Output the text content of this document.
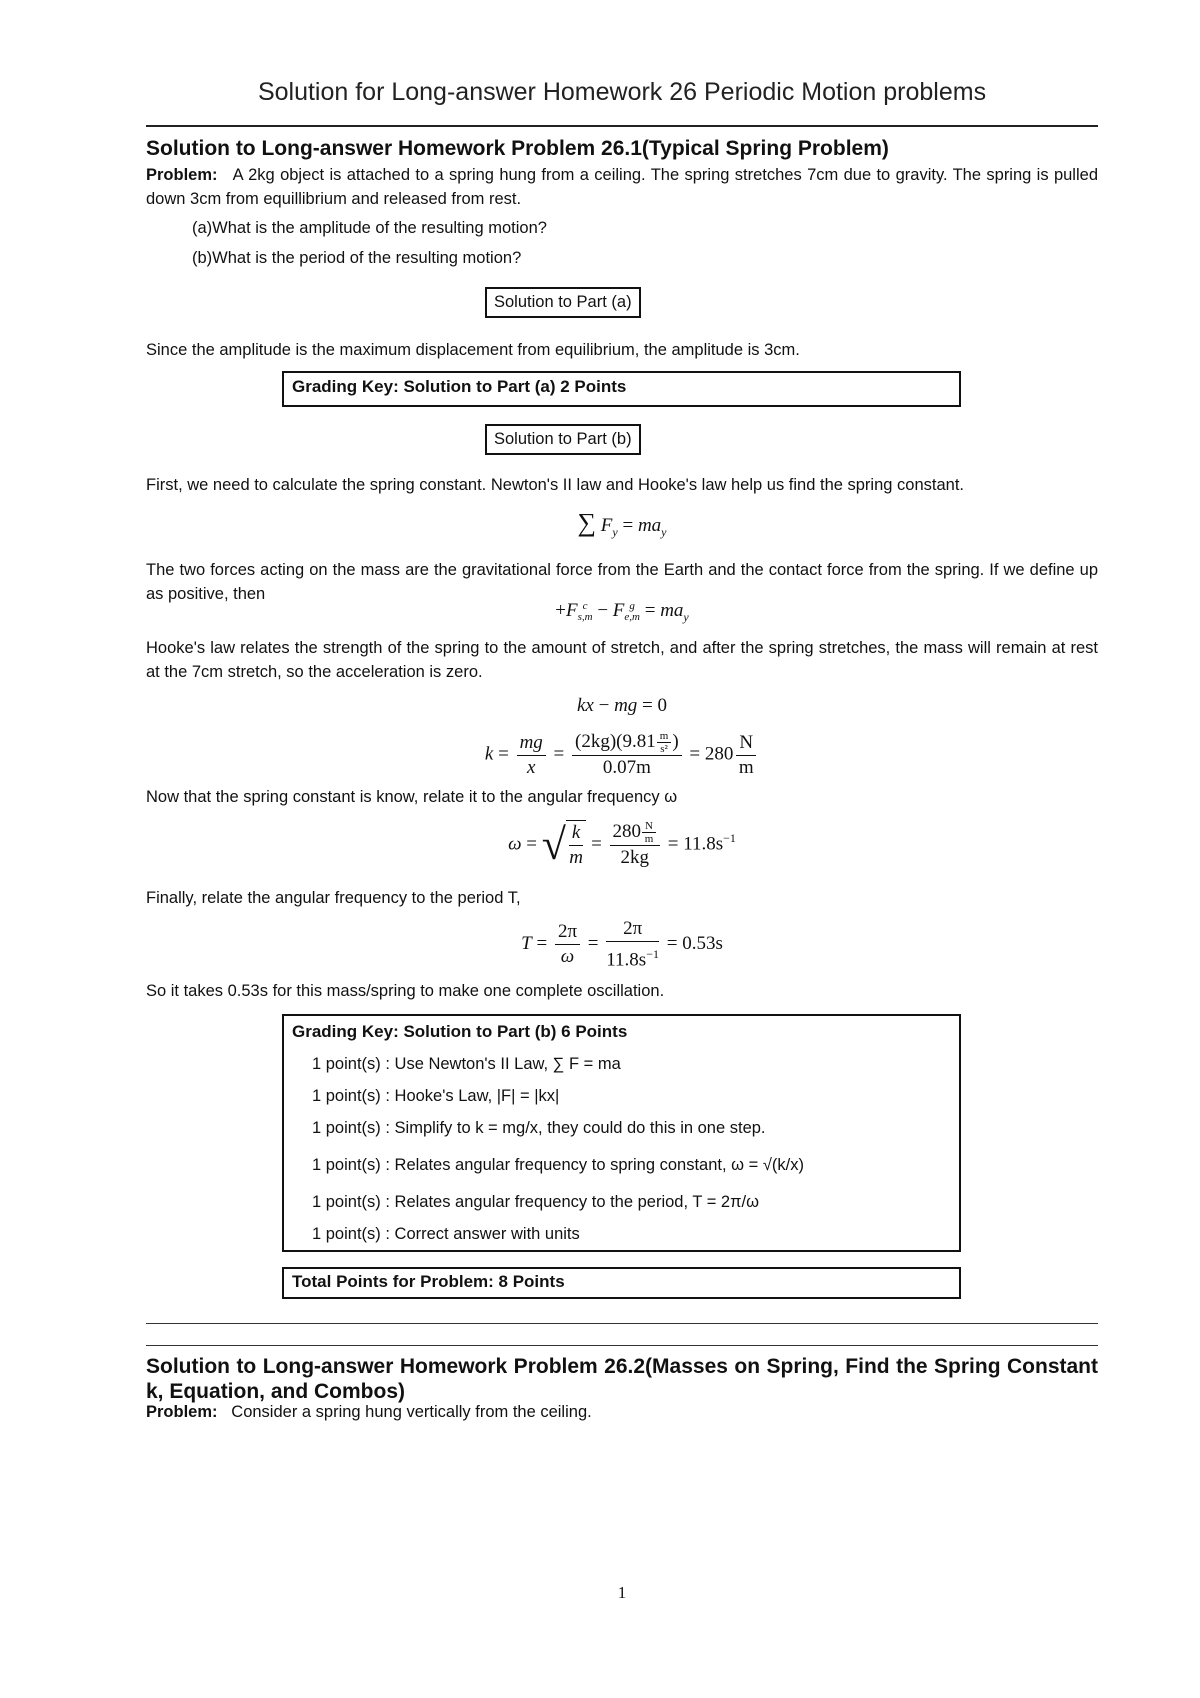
Solution for Long-answer Homework 26 Periodic Motion problems
Solution to Long-answer Homework Problem 26.1(Typical Spring Problem)
Problem: A 2kg object is attached to a spring hung from a ceiling. The spring stretches 7cm due to gravity. The spring is pulled down 3cm from equillibrium and released from rest.
(a)What is the amplitude of the resulting motion?
(b)What is the period of the resulting motion?
Solution to Part (a)
Since the amplitude is the maximum displacement from equilibrium, the amplitude is 3cm.
Grading Key: Solution to Part (a) 2 Points
Solution to Part (b)
First, we need to calculate the spring constant. Newton's II law and Hooke's law help us find the spring constant.
∑ $F_y = ma_y$
The two forces acting on the mass are the gravitational force from the Earth and the contact force from the spring. If we define up as positive, then
+F c
s,m − F g
$e,m = ma_y$
Hooke's law relates the strength of the spring to the amount of stretch, and after the spring stretches, the mass will remain at rest at the 7cm stretch, so the acceleration is zero.
kx − mg = 0
$k = \frac{mg}{x} = \frac{(2kg)(9.81 \frac{m}{\text{s²}} )}{0.07m} = 280 \frac{N}{m}$
Now that the spring constant is know, relate it to the angular frequency ω
ω = √ $\frac{k}{m} = \frac{280 \frac{N}{m}}{2kg} = 11.8s^{-1}$
Finally, relate the angular frequency to the period T,
$T = \frac{2\pi}{\omega} = \frac{2\pi}{11.8s^{-1}} = 0.53s$
So it takes 0.53s for this mass/spring to make one complete oscillation.
Grading Key: Solution to Part (b) 6 Points
1 point(s) : Use Newton's II Law, ∑ F = ma
1 point(s) : Hooke's Law, |F| = |kx|
1 point(s) : Simplify to k = mg/x, they could do this in one step.
1 point(s) : Relates angular frequency to spring constant, ω = √(k/x)
1 point(s) : Relates angular frequency to the period, T = 2π/ω
1 point(s) : Correct answer with units
Total Points for Problem: 8 Points
Solution to Long-answer Homework Problem 26.2(Masses on Spring, Find the Spring Constant k, Equation, and Combos)
Problem: Consider a spring hung vertically from the ceiling.
1
